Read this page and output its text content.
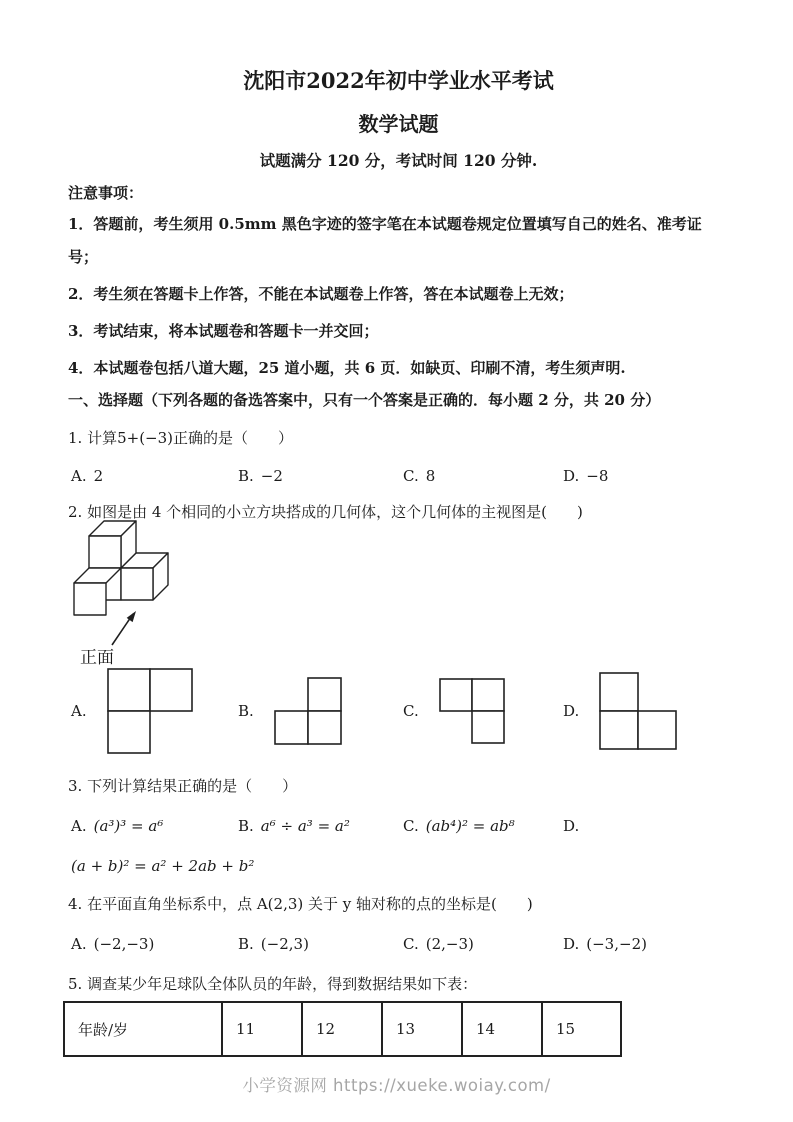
沈阳市2022年初中学业水平考试
数学试题
试题满分 120 分，考试时间 120 分钟.
注意事项：

1．答题前，考生须用 0.5mm 黑色字迹的签字笔在本试题卷规定位置填写自己的姓名、准考证号；

2．考生须在答题卡上作答，不能在本试题卷上作答，答在本试题卷上无效；

3．考试结束，将本试题卷和答题卡一并交回；

4．本试题卷包括八道大题，25 道小题，共 6 页．如缺页、印刷不清，考生须声明.

一、选择题（下列各题的备选答案中，只有一个答案是正确的．每小题 2 分，共 20 分）

1. 计算5+(−3)正确的是（　　）

A. 2	B. −2	C. 8	D. −8

2. 如图是由 4 个相同的小立方块搭成的几何体，这个几何体的主视图是(　　)

正面
A.	B.	C.	D.

3. 下列计算结果正确的是（　　）

A. (a³)³ = a⁶	B. a⁶ ÷ a³ = a²	C. (ab⁴)² = ab⁸	D.

(a + b)² = a² + 2ab + b²

4. 在平面直角坐标系中，点 A(2,3) 关于 y 轴对称的点的坐标是(　　)

A. (−2,−3)	B. (−2,3)	C. (2,−3)	D. (−3,−2)

5. 调查某少年足球队全体队员的年龄，得到数据结果如下表：

年龄/岁	11	12	13	14	15
小学资源网 https://xueke.woiay.com/
